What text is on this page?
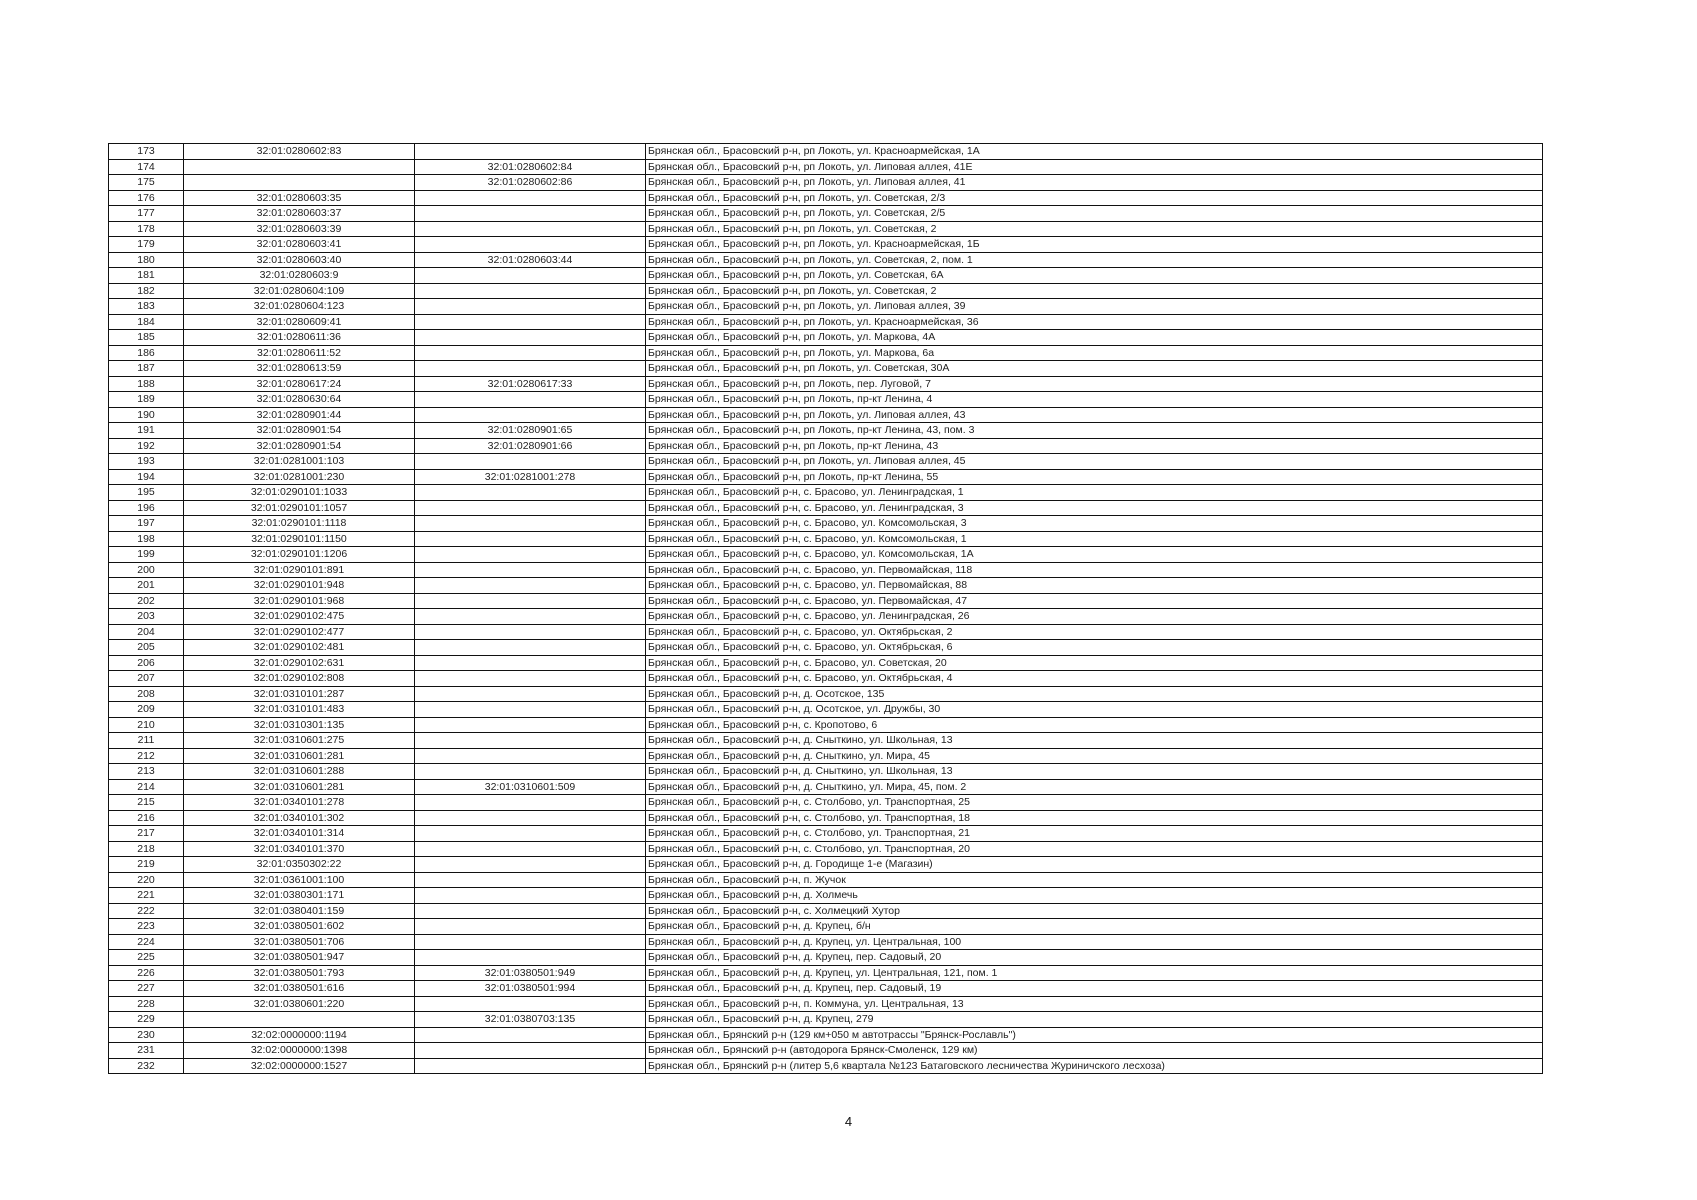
173	32:01:0280602:83		Брянская обл., Брасовский р-н, рп Локоть, ул. Красноармейская, 1А
174		32:01:0280602:84	Брянская обл., Брасовский р-н, рп Локоть, ул. Липовая аллея, 41Е
175		32:01:0280602:86	Брянская обл., Брасовский р-н, рп Локоть, ул. Липовая аллея, 41
176	32:01:0280603:35		Брянская обл., Брасовский р-н, рп Локоть, ул. Советская, 2/3
177	32:01:0280603:37		Брянская обл., Брасовский р-н, рп Локоть, ул. Советская, 2/5
178	32:01:0280603:39		Брянская обл., Брасовский р-н, рп Локоть, ул. Советская, 2
179	32:01:0280603:41		Брянская обл., Брасовский р-н, рп Локоть, ул. Красноармейская, 1Б
180	32:01:0280603:40	32:01:0280603:44	Брянская обл., Брасовский р-н, рп Локоть, ул. Советская, 2, пом. 1
181	32:01:0280603:9		Брянская обл., Брасовский р-н, рп Локоть, ул. Советская, 6А
182	32:01:0280604:109		Брянская обл., Брасовский р-н, рп Локоть, ул. Советская, 2
183	32:01:0280604:123		Брянская обл., Брасовский р-н, рп Локоть, ул. Липовая аллея, 39
184	32:01:0280609:41		Брянская обл., Брасовский р-н, рп Локоть, ул. Красноармейская, 36
185	32:01:0280611:36		Брянская обл., Брасовский р-н, рп Локоть, ул. Маркова, 4А
186	32:01:0280611:52		Брянская обл., Брасовский р-н, рп Локоть, ул. Маркова, 6а
187	32:01:0280613:59		Брянская обл., Брасовский р-н, рп Локоть, ул. Советская, 30А
188	32:01:0280617:24	32:01:0280617:33	Брянская обл., Брасовский р-н, рп Локоть, пер. Луговой, 7
189	32:01:0280630:64		Брянская обл., Брасовский р-н, рп Локоть, пр-кт Ленина, 4
190	32:01:0280901:44		Брянская обл., Брасовский р-н, рп Локоть, ул. Липовая аллея, 43
191	32:01:0280901:54	32:01:0280901:65	Брянская обл., Брасовский р-н, рп Локоть, пр-кт Ленина, 43, пом. 3
192	32:01:0280901:54	32:01:0280901:66	Брянская обл., Брасовский р-н, рп Локоть, пр-кт Ленина, 43
193	32:01:0281001:103		Брянская обл., Брасовский р-н, рп Локоть, ул. Липовая аллея, 45
194	32:01:0281001:230	32:01:0281001:278	Брянская обл., Брасовский р-н, рп Локоть, пр-кт Ленина, 55
195	32:01:0290101:1033		Брянская обл., Брасовский р-н, с. Брасово, ул. Ленинградская, 1
196	32:01:0290101:1057		Брянская обл., Брасовский р-н, с. Брасово, ул. Ленинградская, 3
197	32:01:0290101:1118		Брянская обл., Брасовский р-н, с. Брасово, ул. Комсомольская, 3
198	32:01:0290101:1150		Брянская обл., Брасовский р-н, с. Брасово, ул. Комсомольская, 1
199	32:01:0290101:1206		Брянская обл., Брасовский р-н, с. Брасово, ул. Комсомольская, 1А
200	32:01:0290101:891		Брянская обл., Брасовский р-н, с. Брасово, ул. Первомайская, 118
201	32:01:0290101:948		Брянская обл., Брасовский р-н, с. Брасово, ул. Первомайская, 88
202	32:01:0290101:968		Брянская обл., Брасовский р-н, с. Брасово, ул. Первомайская, 47
203	32:01:0290102:475		Брянская обл., Брасовский р-н, с. Брасово, ул. Ленинградская, 26
204	32:01:0290102:477		Брянская обл., Брасовский р-н, с. Брасово, ул. Октябрьская, 2
205	32:01:0290102:481		Брянская обл., Брасовский р-н, с. Брасово, ул. Октябрьская, 6
206	32:01:0290102:631		Брянская обл., Брасовский р-н, с. Брасово, ул. Советская, 20
207	32:01:0290102:808		Брянская обл., Брасовский р-н, с. Брасово, ул. Октябрьская, 4
208	32:01:0310101:287		Брянская обл., Брасовский р-н, д. Осотское, 135
209	32:01:0310101:483		Брянская обл., Брасовский р-н, д. Осотское, ул. Дружбы, 30
210	32:01:0310301:135		Брянская обл., Брасовский р-н, с. Кропотово, 6
211	32:01:0310601:275		Брянская обл., Брасовский р-н, д. Сныткино, ул. Школьная, 13
212	32:01:0310601:281		Брянская обл., Брасовский р-н, д. Сныткино, ул. Мира, 45
213	32:01:0310601:288		Брянская обл., Брасовский р-н, д. Сныткино, ул. Школьная, 13
214	32:01:0310601:281	32:01:0310601:509	Брянская обл., Брасовский р-н, д. Сныткино, ул. Мира, 45, пом. 2
215	32:01:0340101:278		Брянская обл., Брасовский р-н, с. Столбово, ул. Транспортная, 25
216	32:01:0340101:302		Брянская обл., Брасовский р-н, с. Столбово, ул. Транспортная, 18
217	32:01:0340101:314		Брянская обл., Брасовский р-н, с. Столбово, ул. Транспортная, 21
218	32:01:0340101:370		Брянская обл., Брасовский р-н, с. Столбово, ул. Транспортная, 20
219	32:01:0350302:22		Брянская обл., Брасовский р-н, д. Городище 1-е (Магазин)
220	32:01:0361001:100		Брянская обл., Брасовский р-н, п. Жучок
221	32:01:0380301:171		Брянская обл., Брасовский р-н, д. Холмечь
222	32:01:0380401:159		Брянская обл., Брасовский р-н, с. Холмецкий Хутор
223	32:01:0380501:602		Брянская обл., Брасовский р-н, д. Крупец, б/н
224	32:01:0380501:706		Брянская обл., Брасовский р-н, д. Крупец, ул. Центральная, 100
225	32:01:0380501:947		Брянская обл., Брасовский р-н, д. Крупец, пер. Садовый, 20
226	32:01:0380501:793	32:01:0380501:949	Брянская обл., Брасовский р-н, д. Крупец, ул. Центральная, 121, пом. 1
227	32:01:0380501:616	32:01:0380501:994	Брянская обл., Брасовский р-н, д. Крупец, пер. Садовый, 19
228	32:01:0380601:220		Брянская обл., Брасовский р-н, п. Коммуна, ул. Центральная, 13
229		32:01:0380703:135	Брянская обл., Брасовский р-н, д. Крупец, 279
230	32:02:0000000:1194		Брянская обл., Брянский р-н (129 км+050 м автотрассы "Брянск-Рославль")
231	32:02:0000000:1398		Брянская обл., Брянский р-н (автодорога Брянск-Смоленск, 129 км)
232	32:02:0000000:1527		Брянская обл., Брянский р-н (литер 5,6 квартала №123 Батаговского лесничества Журиничского лесхоза)
4
